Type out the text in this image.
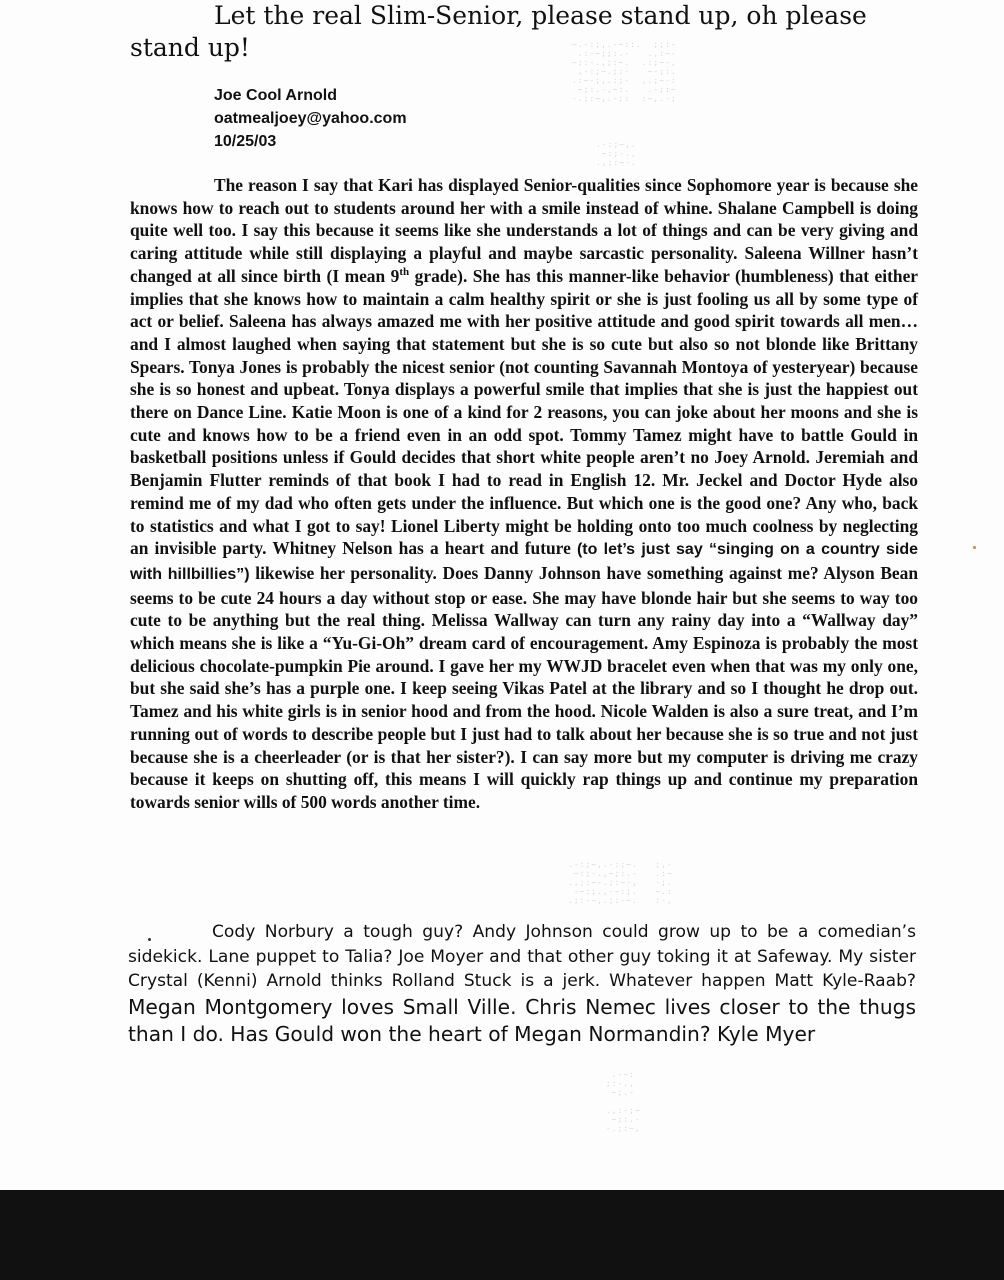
~.-:;,.-~::.  ;;:-
.:-~;;:.-   .,:~-
~;:-.,;:~.  .:;~-,
,-:;~.;:-   ~-;:.
.:~-;,.:;-  ,.;~-:
~;:.-,~:.   .-;:~
-.;:~,.-;:  :~,.-;
.-:;~,.
~:;-.,
.,;:~-.
.-:;~,.-:;~.   ;,-
~:;-.,~;:.-   .:~
.,;:~-.;:~-,   -;.
-~:;.,-~:;.   ~.:
.;:-~,.;:-~.   :-,
.-~:
;:-.,
~;.-

.,:-;~
~;:.-
-.;:~,
Let the real Slim-Senior, please stand up, oh please stand up!
Joe Cool Arnold
oatmealjoey@yahoo.com
10/25/03

The reason I say that Kari has displayed Senior-qualities since Sophomore year is because she knows how to reach out to students around her with a smile instead of whine. Shalane Campbell is doing quite well too. I say this because it seems like she understands a lot of things and can be very giving and caring attitude while still displaying a playful and maybe sarcastic personality. Saleena Willner hasn’t changed at all since birth (I mean 9th grade). She has this manner-like behavior (humbleness) that either implies that she knows how to maintain a calm healthy spirit or she is just fooling us all by some type of act or belief. Saleena has always amazed me with her positive attitude and good spirit towards all men… and I almost laughed when saying that statement but she is so cute but also so not blonde like Brittany Spears. Tonya Jones is probably the nicest senior (not counting Savannah Montoya of yesteryear) because she is so honest and upbeat. Tonya displays a powerful smile that implies that she is just the happiest out there on Dance Line. Katie Moon is one of a kind for 2 reasons, you can joke about her moons and she is cute and knows how to be a friend even in an odd spot. Tommy Tamez might have to battle Gould in basketball positions unless if Gould decides that short white people aren’t no Joey Arnold. Jeremiah and Benjamin Flutter reminds of that book I had to read in English 12. Mr. Jeckel and Doctor Hyde also remind me of my dad who often gets under the influence. But which one is the good one? Any who, back to statistics and what I got to say! Lionel Liberty might be holding onto too much coolness by neglecting an invisible party. Whitney Nelson has a heart and future (to let’s just say “singing on a country side with hillbillies”) likewise her personality. Does Danny Johnson have something against me? Alyson Bean seems to be cute 24 hours a day without stop or ease. She may have blonde hair but she seems to way too cute to be anything but the real thing. Melissa Wallway can turn any rainy day into a “Wallway day” which means she is like a “Yu-Gi-Oh” dream card of encouragement. Amy Espinoza is probably the most delicious chocolate-pumpkin Pie around. I gave her my WWJD bracelet even when that was my only one, but she said she’s has a purple one. I keep seeing Vikas Patel at the library and so I thought he drop out. Tamez and his white girls is in senior hood and from the hood. Nicole Walden is also a sure treat, and I’m running out of words to describe people but I just had to talk about her because she is so true and not just because she is a cheerleader (or is that her sister?). I can say more but my computer is driving me crazy because it keeps on shutting off, this means I will quickly rap things up and continue my preparation towards senior wills of 500 words another time.

Cody Norbury a tough guy? Andy Johnson could grow up to be a comedian’s sidekick. Lane puppet to Talia? Joe Moyer and that other guy toking it at Safeway. My sister Crystal (Kenni) Arnold thinks Rolland Stuck is a jerk. Whatever happen Matt Kyle-Raab? Megan Montgomery loves Small Ville. Chris Nemec lives closer to the thugs than I do. Has Gould won the heart of Megan Normandin? Kyle Myer
